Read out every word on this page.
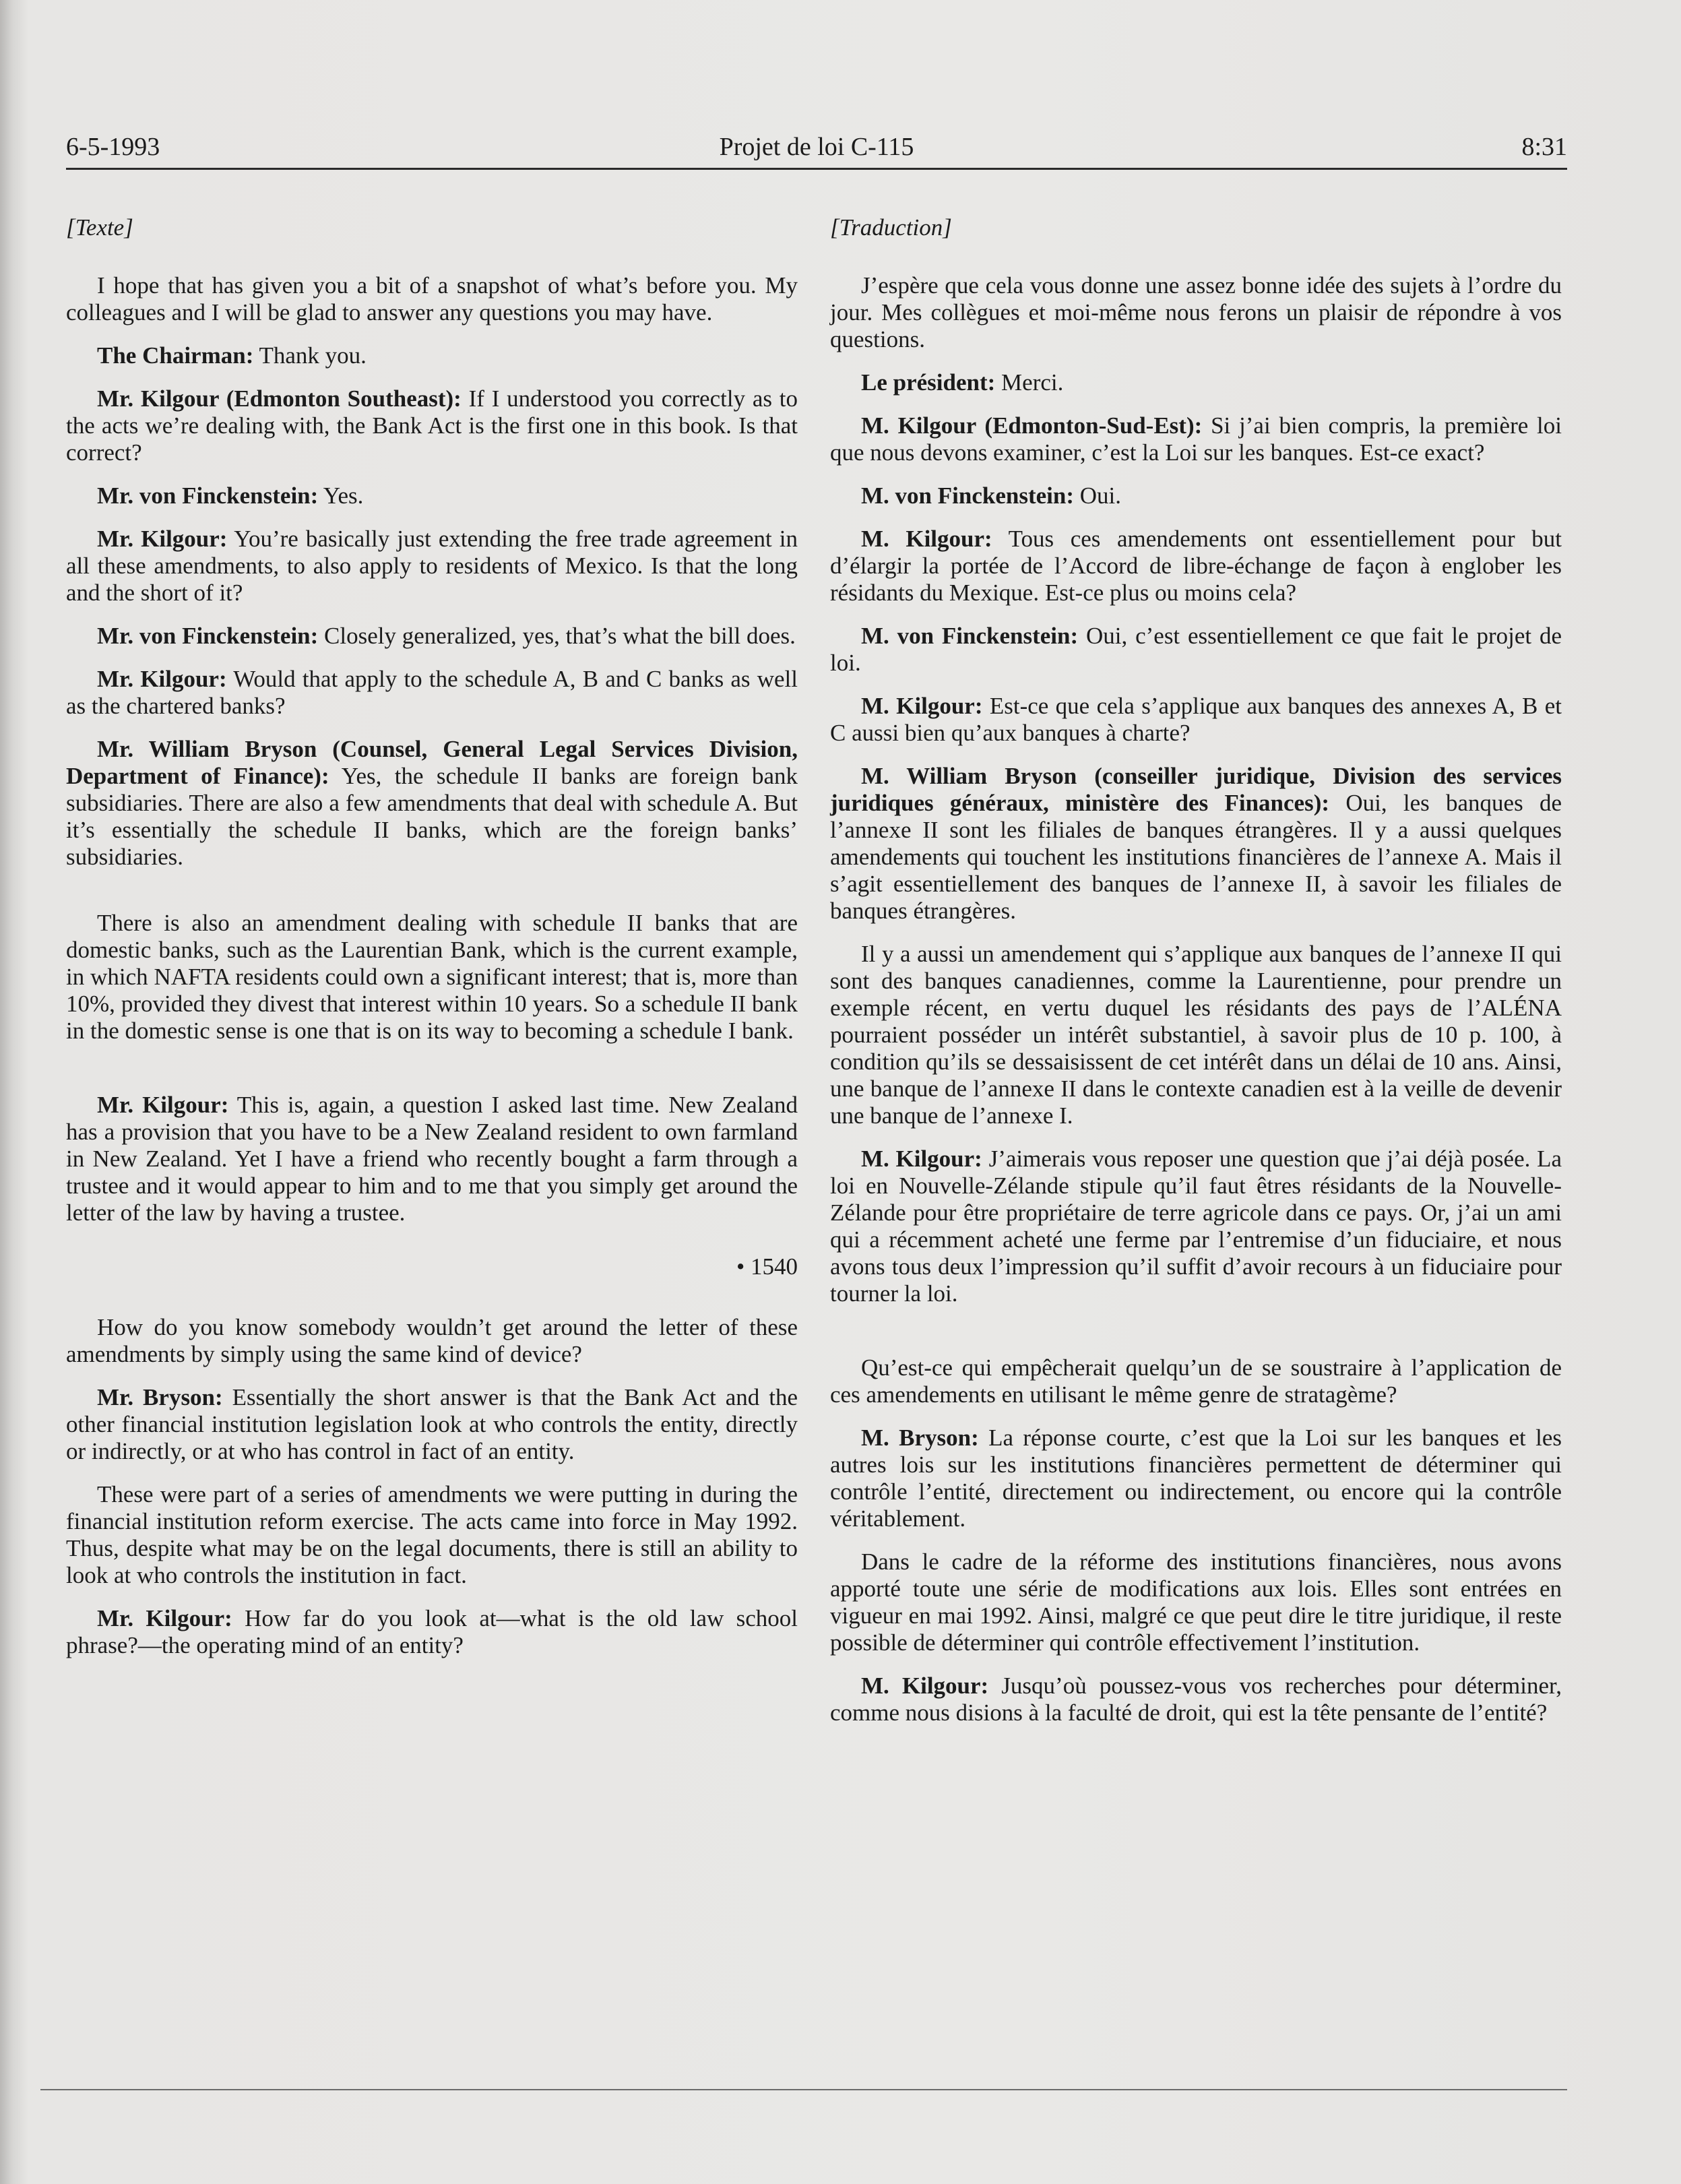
6-5-1993	Projet de loi C-115	8:31

[Texte]

I hope that has given you a bit of a snapshot of what’s before you. My colleagues and I will be glad to answer any questions you may have.

The Chairman: Thank you.

Mr. Kilgour (Edmonton Southeast): If I understood you correctly as to the acts we’re dealing with, the Bank Act is the first one in this book. Is that correct?

Mr. von Finckenstein: Yes.

Mr. Kilgour: You’re basically just extending the free trade agreement in all these amendments, to also apply to residents of Mexico. Is that the long and the short of it?

Mr. von Finckenstein: Closely generalized, yes, that’s what the bill does.

Mr. Kilgour: Would that apply to the schedule A, B and C banks as well as the chartered banks?

Mr. William Bryson (Counsel, General Legal Services Division, Department of Finance): Yes, the schedule II banks are foreign bank subsidiaries. There are also a few amendments that deal with schedule A. But it’s essentially the schedule II banks, which are the foreign banks’ subsidiaries.

There is also an amendment dealing with schedule II banks that are domestic banks, such as the Laurentian Bank, which is the current example, in which NAFTA residents could own a significant interest; that is, more than 10%, provided they divest that interest within 10 years. So a schedule II bank in the domestic sense is one that is on its way to becoming a schedule I bank.

Mr. Kilgour: This is, again, a question I asked last time. New Zealand has a provision that you have to be a New Zealand resident to own farmland in New Zealand. Yet I have a friend who recently bought a farm through a trustee and it would appear to him and to me that you simply get around the letter of the law by having a trustee.

• 1540

How do you know somebody wouldn’t get around the letter of these amendments by simply using the same kind of device?

Mr. Bryson: Essentially the short answer is that the Bank Act and the other financial institution legislation look at who controls the entity, directly or indirectly, or at who has control in fact of an entity.

These were part of a series of amendments we were putting in during the financial institution reform exercise. The acts came into force in May 1992. Thus, despite what may be on the legal documents, there is still an ability to look at who controls the institution in fact.

Mr. Kilgour: How far do you look at—what is the old law school phrase?—the operating mind of an entity?

[Traduction]

J’espère que cela vous donne une assez bonne idée des sujets à l’ordre du jour. Mes collègues et moi-même nous ferons un plaisir de répondre à vos questions.

Le président: Merci.

M. Kilgour (Edmonton-Sud-Est): Si j’ai bien compris, la première loi que nous devons examiner, c’est la Loi sur les banques. Est-ce exact?

M. von Finckenstein: Oui.

M. Kilgour: Tous ces amendements ont essentiellement pour but d’élargir la portée de l’Accord de libre-échange de façon à englober les résidants du Mexique. Est-ce plus ou moins cela?

M. von Finckenstein: Oui, c’est essentiellement ce que fait le projet de loi.

M. Kilgour: Est-ce que cela s’applique aux banques des annexes A, B et C aussi bien qu’aux banques à charte?

M. William Bryson (conseiller juridique, Division des services juridiques généraux, ministère des Finances): Oui, les banques de l’annexe II sont les filiales de banques étrangères. Il y a aussi quelques amendements qui touchent les institutions financières de l’annexe A. Mais il s’agit essentiellement des banques de l’annexe II, à savoir les filiales de banques étrangères.

Il y a aussi un amendement qui s’applique aux banques de l’annexe II qui sont des banques canadiennes, comme la Laurentienne, pour prendre un exemple récent, en vertu duquel les résidants des pays de l’ALÉNA pourraient posséder un intérêt substantiel, à savoir plus de 10 p. 100, à condition qu’ils se dessaisissent de cet intérêt dans un délai de 10 ans. Ainsi, une banque de l’annexe II dans le contexte canadien est à la veille de devenir une banque de l’annexe I.

M. Kilgour: J’aimerais vous reposer une question que j’ai déjà posée. La loi en Nouvelle-Zélande stipule qu’il faut êtres résidants de la Nouvelle-Zélande pour être propriétaire de terre agricole dans ce pays. Or, j’ai un ami qui a récemment acheté une ferme par l’entremise d’un fiduciaire, et nous avons tous deux l’impression qu’il suffit d’avoir recours à un fiduciaire pour tourner la loi.

Qu’est-ce qui empêcherait quelqu’un de se soustraire à l’application de ces amendements en utilisant le même genre de stratagème?

M. Bryson: La réponse courte, c’est que la Loi sur les banques et les autres lois sur les institutions financières permettent de déterminer qui contrôle l’entité, directement ou indirectement, ou encore qui la contrôle véritablement.

Dans le cadre de la réforme des institutions financières, nous avons apporté toute une série de modifications aux lois. Elles sont entrées en vigueur en mai 1992. Ainsi, malgré ce que peut dire le titre juridique, il reste possible de déterminer qui contrôle effectivement l’institution.

M. Kilgour: Jusqu’où poussez-vous vos recherches pour déterminer, comme nous disions à la faculté de droit, qui est la tête pensante de l’entité?
